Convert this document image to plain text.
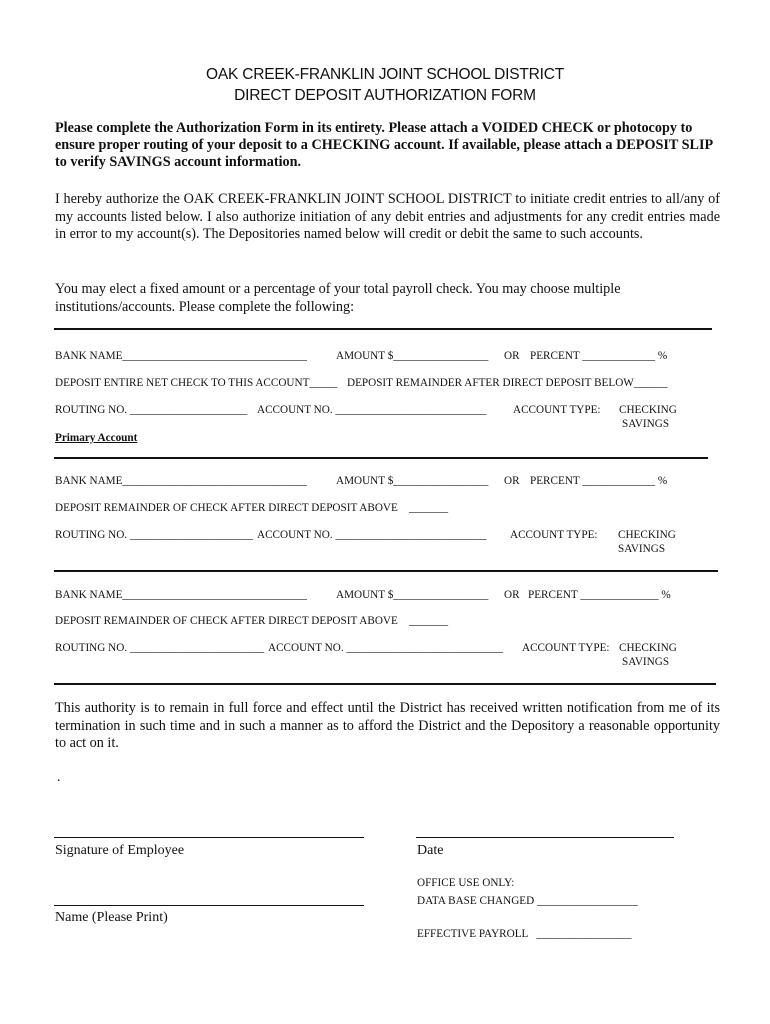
OAK CREEK-FRANKLIN JOINT SCHOOL DISTRICT
DIRECT DEPOSIT AUTHORIZATION FORM
Please complete the Authorization Form in its entirety. Please attach a VOIDED CHECK or photocopy to ensure proper routing of your deposit to a CHECKING account. If available, please attach a DEPOSIT SLIP to verify SAVINGS account information.
I hereby authorize the OAK CREEK-FRANKLIN JOINT SCHOOL DISTRICT to initiate credit entries to all/any of my accounts listed below. I also authorize initiation of any debit entries and adjustments for any credit entries made in error to my account(s). The Depositories named below will credit or debit the same to such accounts.
You may elect a fixed amount or a percentage of your total payroll check. You may choose multiple institutions/accounts. Please complete the following:
BANK NAME_________________________________	AMOUNT $_________________ OR PERCENT _____________ %
DEPOSIT ENTIRE NET CHECK TO THIS ACCOUNT_____ DEPOSIT REMAINDER AFTER DIRECT DEPOSIT BELOW______
ROUTING NO. _____________________ ACCOUNT NO. ___________________________ ACCOUNT TYPE: CHECKING
SAVINGS
Primary Account
BANK NAME_________________________________	AMOUNT $_________________ OR PERCENT _____________ %
DEPOSIT REMAINDER OF CHECK AFTER DIRECT DEPOSIT ABOVE    _______
ROUTING NO. ______________________ ACCOUNT NO. ___________________________ ACCOUNT TYPE: CHECKING
SAVINGS
BANK NAME_________________________________	AMOUNT $_________________ OR PERCENT ______________ %
DEPOSIT REMAINDER OF CHECK AFTER DIRECT DEPOSIT ABOVE    _______
ROUTING NO. ________________________ ACCOUNT NO. ____________________________ ACCOUNT TYPE: CHECKING
SAVINGS
This authority is to remain in full force and effect until the District has received written notification from me of its termination in such time and in such a manner as to afford the District and the Depository a reasonable opportunity to act on it.
.
Signature of Employee	Date
OFFICE USE ONLY:
DATA BASE CHANGED __________________
Name (Please Print)
EFFECTIVE PAYROLL   _________________
